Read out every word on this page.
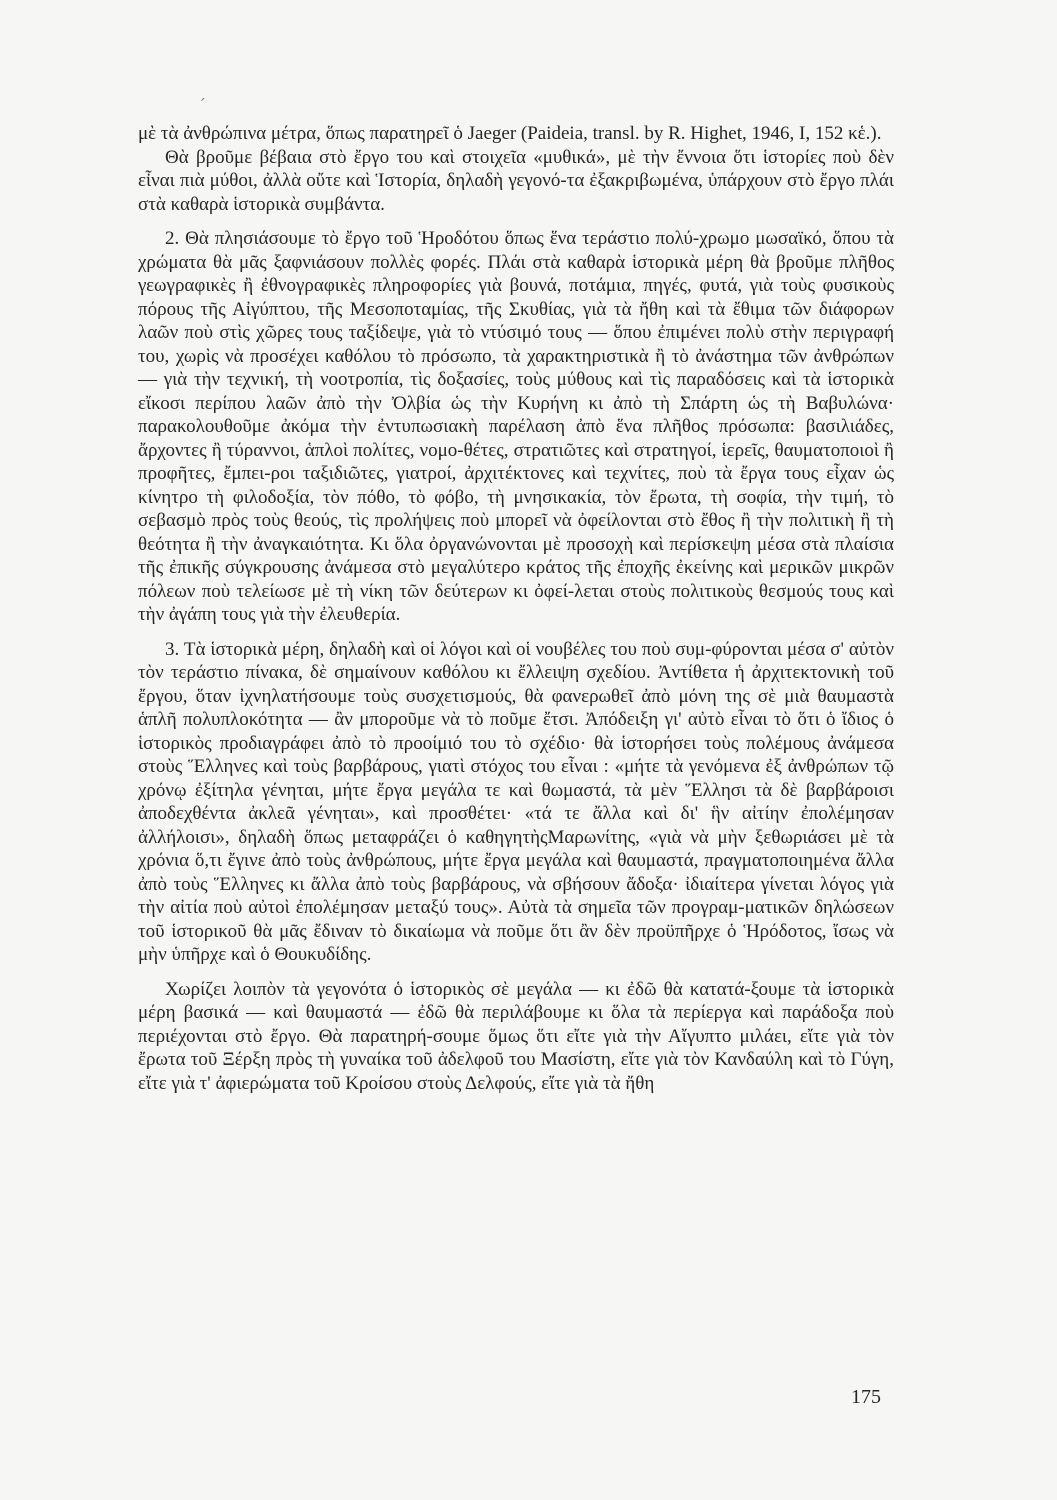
´

μὲ τὰ ἀνθρώπινα μέτρα, ὅπως παρατηρεῖ ὁ Jaeger (Paideia, transl. by R. Highet, 1946, I, 152 κἑ.).

Θὰ βροῦμε βέβαια στὸ ἔργο του καὶ στοιχεῖα «μυθικά», μὲ τὴν ἔννοια ὅτι ἱστορίες ποὺ δὲν εἶναι πιὰ μύθοι, ἀλλὰ οὔτε καὶ Ἱστορία, δηλαδὴ γεγονό-τα ἐξακριβωμένα, ὑπάρχουν στὸ ἔργο πλάι στὰ καθαρὰ ἱστορικὰ συμβάντα.

2. Θὰ πλησιάσουμε τὸ ἔργο τοῦ Ἡροδότου ὅπως ἕνα τεράστιο πολύ-χρωμο μωσαϊκό, ὅπου τὰ χρώματα θὰ μᾶς ξαφνιάσουν πολλὲς φορές. Πλάι στὰ καθαρὰ ἱστορικὰ μέρη θὰ βροῦμε πλῆθος γεωγραφικὲς ἢ ἐθνογραφικὲς πληροφορίες γιὰ βουνά, ποτάμια, πηγές, φυτά, γιὰ τοὺς φυσικοὺς πόρους τῆς Αἰγύπτου, τῆς Μεσοποταμίας, τῆς Σκυθίας, γιὰ τὰ ἤθη καὶ τὰ ἔθιμα τῶν διάφορων λαῶν ποὺ στὶς χῶρες τους ταξίδεψε, γιὰ τὸ ντύσιμό τους — ὅπου ἐπιμένει πολὺ στὴν περιγραφή του, χωρὶς νὰ προσέχει καθόλου τὸ πρόσωπο, τὰ χαρακτηριστικὰ ἢ τὸ ἀνάστημα τῶν ἀνθρώπων — γιὰ τὴν τεχνική, τὴ νοοτροπία, τὶς δοξασίες, τοὺς μύθους καὶ τὶς παραδόσεις καὶ τὰ ἱστορικὰ εἴκοσι περίπου λαῶν ἀπὸ τὴν Ὀλβία ὡς τὴν Κυρήνη κι ἀπὸ τὴ Σπάρτη ὡς τὴ Βαβυλώνα· παρακολουθοῦμε ἀκόμα τὴν ἐντυπωσιακὴ παρέλαση ἀπὸ ἕνα πλῆθος πρόσωπα: βασιλιάδες, ἄρχοντες ἢ τύραννοι, ἁπλοὶ πολίτες, νομο-θέτες, στρατιῶτες καὶ στρατηγοί, ἱερεῖς, θαυματοποιοὶ ἢ προφῆτες, ἔμπει-ροι ταξιδιῶτες, γιατροί, ἀρχιτέκτονες καὶ τεχνίτες, ποὺ τὰ ἔργα τους εἶχαν ὡς κίνητρο τὴ φιλοδοξία, τὸν πόθο, τὸ φόβο, τὴ μνησικακία, τὸν ἔρωτα, τὴ σοφία, τὴν τιμή, τὸ σεβασμὸ πρὸς τοὺς θεούς, τὶς προλήψεις ποὺ μπορεῖ νὰ ὀφείλονται στὸ ἔθος ἢ τὴν πολιτικὴ ἢ τὴ θεότητα ἢ τὴν ἀναγκαιότητα. Κι ὅλα ὀργανώνονται μὲ προσοχὴ καὶ περίσκεψη μέσα στὰ πλαίσια τῆς ἐπικῆς σύγκρουσης ἀνάμεσα στὸ μεγαλύτερο κράτος τῆς ἐποχῆς ἐκείνης καὶ μερικῶν μικρῶν πόλεων ποὺ τελείωσε μὲ τὴ νίκη τῶν δεύτερων κι ὀφεί-λεται στοὺς πολιτικοὺς θεσμούς τους καὶ τὴν ἀγάπη τους γιὰ τὴν ἐλευθερία.

3. Τὰ ἱστορικὰ μέρη, δηλαδὴ καὶ οἱ λόγοι καὶ οἱ νουβέλες του ποὺ συμ-φύρονται μέσα σ' αὐτὸν τὸν τεράστιο πίνακα, δὲ σημαίνουν καθόλου κι ἔλλειψη σχεδίου. Ἀντίθετα ἡ ἀρχιτεκτονικὴ τοῦ ἔργου, ὅταν ἰχνηλατήσουμε τοὺς συσχετισμούς, θὰ φανερωθεῖ ἀπὸ μόνη της σὲ μιὰ θαυμαστὰ ἁπλῆ πολυπλοκότητα — ἂν μποροῦμε νὰ τὸ ποῦμε ἔτσι. Ἀπόδειξη γι' αὐτὸ εἶναι τὸ ὅτι ὁ ἴδιος ὁ ἱστορικὸς προδιαγράφει ἀπὸ τὸ προοίμιό του τὸ σχέδιο· θὰ ἱστορήσει τοὺς πολέμους ἀνάμεσα στοὺς Ἕλληνες καὶ τοὺς βαρβάρους, γιατὶ στόχος του εἶναι : «μήτε τὰ γενόμενα ἐξ ἀνθρώπων τῷ χρόνῳ ἐξίτηλα γένηται, μήτε ἔργα μεγάλα τε καὶ θωμαστά, τὰ μὲν Ἕλλησι τὰ δὲ βαρβάροισι ἀποδεχθέντα ἀκλεᾶ γένηται», καὶ προσθέτει· «τά τε ἄλλα καὶ δι' ἣν αἰτίην ἐπολέμησαν ἀλλήλοισι», δηλαδὴ ὅπως μεταφράζει ὁ καθηγητὴςΜαρωνίτης, «γιὰ νὰ μὴν ξεθωριάσει μὲ τὰ χρόνια ὅ,τι ἔγινε ἀπὸ τοὺς ἀνθρώπους, μήτε ἔργα μεγάλα καὶ θαυμαστά, πραγματοποιημένα ἄλλα ἀπὸ τοὺς Ἕλληνες κι ἄλλα ἀπὸ τοὺς βαρβάρους, νὰ σβήσουν ἄδοξα· ἰδιαίτερα γίνεται λόγος γιὰ τὴν αἰτία ποὺ αὐτοὶ ἐπολέμησαν μεταξύ τους». Αὐτὰ τὰ σημεῖα τῶν προγραμ-ματικῶν δηλώσεων τοῦ ἱστορικοῦ θὰ μᾶς ἔδιναν τὸ δικαίωμα νὰ ποῦμε ὅτι ἂν δὲν προϋπῆρχε ὁ Ἡρόδοτος, ἴσως νὰ μὴν ὑπῆρχε καὶ ὁ Θουκυδίδης.

Χωρίζει λοιπὸν τὰ γεγονότα ὁ ἱστορικὸς σὲ μεγάλα — κι ἐδῶ θὰ κατατά-ξουμε τὰ ἱστορικὰ μέρη βασικά — καὶ θαυμαστά — ἐδῶ θὰ περιλάβουμε κι ὅλα τὰ περίεργα καὶ παράδοξα ποὺ περιέχονται στὸ ἔργο. Θὰ παρατηρή-σουμε ὅμως ὅτι εἴτε γιὰ τὴν Αἴγυπτο μιλάει, εἴτε γιὰ τὸν ἔρωτα τοῦ Ξέρξη πρὸς τὴ γυναίκα τοῦ ἀδελφοῦ του Μασίστη, εἴτε γιὰ τὸν Κανδαύλη καὶ τὸ Γύγη, εἴτε γιὰ τ' ἀφιερώματα τοῦ Κροίσου στοὺς Δελφούς, εἴτε γιὰ τὰ ἤθη

175
